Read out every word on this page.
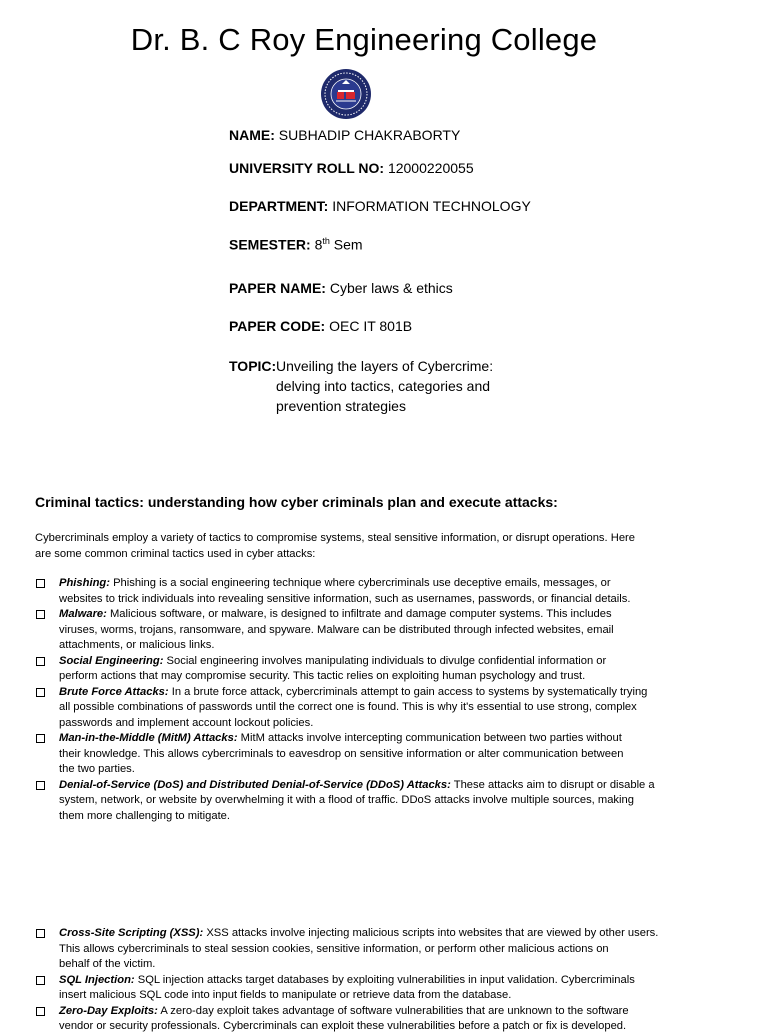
Dr. B. C Roy Engineering College
NAME: SUBHADIP CHAKRABORTY
UNIVERSITY ROLL NO: 12000220055
DEPARTMENT: INFORMATION TECHNOLOGY
SEMESTER: 8th Sem
PAPER NAME: Cyber laws & ethics
PAPER CODE: OEC IT 801B
TOPIC: Unveiling the layers of Cybercrime:
delving into tactics, categories and
prevention strategies
Criminal tactics: understanding how cyber criminals plan and execute attacks:
Cybercriminals employ a variety of tactics to compromise systems, steal sensitive information, or disrupt operations. Here
are some common criminal tactics used in cyber attacks:
Phishing: Phishing is a social engineering technique where cybercriminals use deceptive emails, messages, or
websites to trick individuals into revealing sensitive information, such as usernames, passwords, or financial details.
Malware: Malicious software, or malware, is designed to infiltrate and damage computer systems. This includes
viruses, worms, trojans, ransomware, and spyware. Malware can be distributed through infected websites, email
attachments, or malicious links.
Social Engineering: Social engineering involves manipulating individuals to divulge confidential information or
perform actions that may compromise security. This tactic relies on exploiting human psychology and trust.
Brute Force Attacks: In a brute force attack, cybercriminals attempt to gain access to systems by systematically trying
all possible combinations of passwords until the correct one is found. This is why it's essential to use strong, complex
passwords and implement account lockout policies.
Man-in-the-Middle (MitM) Attacks: MitM attacks involve intercepting communication between two parties without
their knowledge. This allows cybercriminals to eavesdrop on sensitive information or alter communication between
the two parties.
Denial-of-Service (DoS) and Distributed Denial-of-Service (DDoS) Attacks: These attacks aim to disrupt or disable a
system, network, or website by overwhelming it with a flood of traffic. DDoS attacks involve multiple sources, making
them more challenging to mitigate.
Cross-Site Scripting (XSS): XSS attacks involve injecting malicious scripts into websites that are viewed by other users.
This allows cybercriminals to steal session cookies, sensitive information, or perform other malicious actions on
behalf of the victim.
SQL Injection: SQL injection attacks target databases by exploiting vulnerabilities in input validation. Cybercriminals
insert malicious SQL code into input fields to manipulate or retrieve data from the database.
Zero-Day Exploits: A zero-day exploit takes advantage of software vulnerabilities that are unknown to the software
vendor or security professionals. Cybercriminals can exploit these vulnerabilities before a patch or fix is developed.
